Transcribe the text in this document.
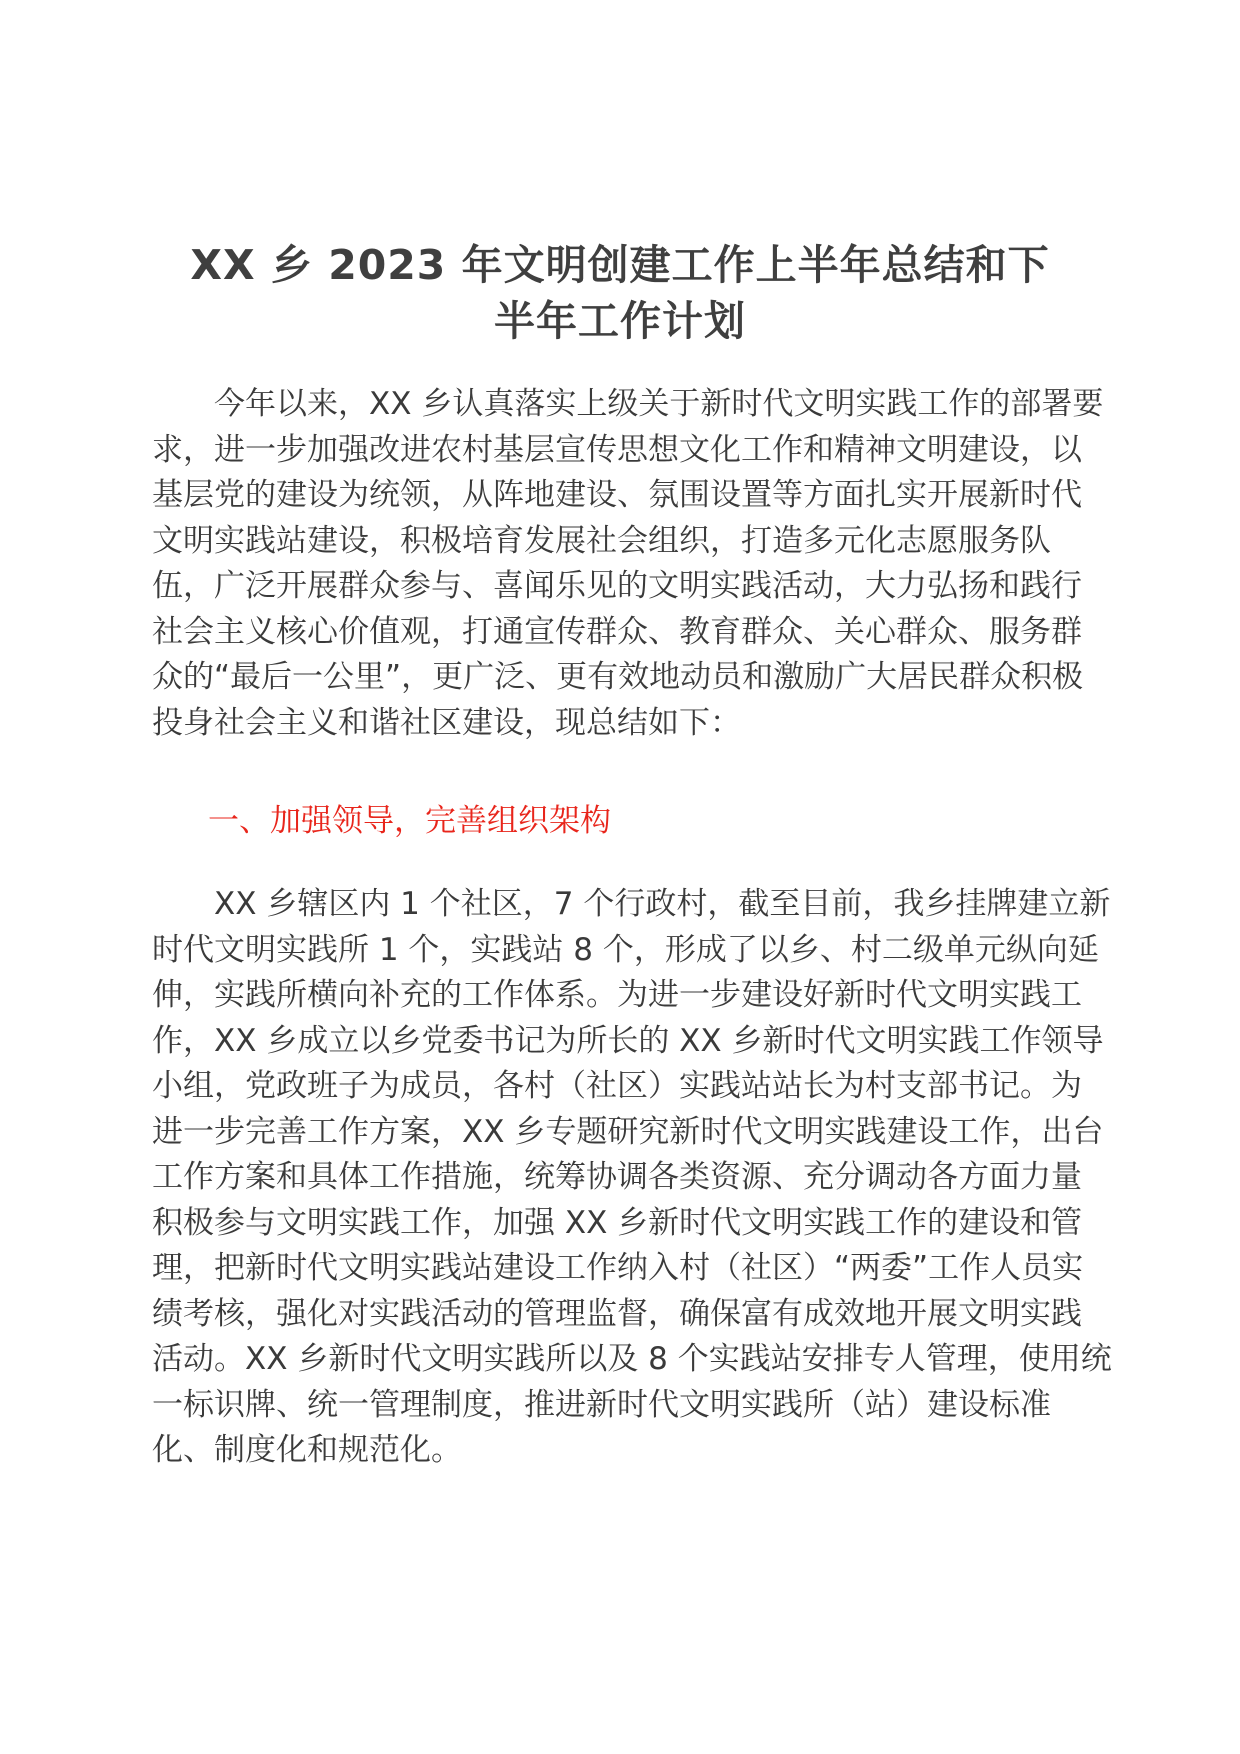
XX 乡 2023 年文明创建工作上半年总结和下
半年工作计划

今年以来，XX 乡认真落实上级关于新时代文明实践工作的部署要求，进一步加强改进农村基层宣传思想文化工作和精神文明建设，以基层党的建设为统领，从阵地建设、氛围设置等方面扎实开展新时代文明实践站建设，积极培育发展社会组织，打造多元化志愿服务队伍，广泛开展群众参与、喜闻乐见的文明实践活动，大力弘扬和践行社会主义核心价值观，打通宣传群众、教育群众、关心群众、服务群众的“最后一公里”，更广泛、更有效地动员和激励广大居民群众积极投身社会主义和谐社区建设，现总结如下：

一、加强领导，完善组织架构

XX 乡辖区内 1 个社区，7 个行政村，截至目前，我乡挂牌建立新时代文明实践所 1 个，实践站 8 个，形成了以乡、村二级单元纵向延伸，实践所横向补充的工作体系。为进一步建设好新时代文明实践工作，XX 乡成立以乡党委书记为所长的 XX 乡新时代文明实践工作领导小组，党政班子为成员，各村（社区）实践站站长为村支部书记。为进一步完善工作方案，XX 乡专题研究新时代文明实践建设工作，出台工作方案和具体工作措施，统筹协调各类资源、充分调动各方面力量积极参与文明实践工作，加强 XX 乡新时代文明实践工作的建设和管理，把新时代文明实践站建设工作纳入村（社区）“两委”工作人员实绩考核，强化对实践活动的管理监督，确保富有成效地开展文明实践活动。XX 乡新时代文明实践所以及 8 个实践站安排专人管理，使用统一标识牌、统一管理制度，推进新时代文明实践所（站）建设标准化、制度化和规范化。
